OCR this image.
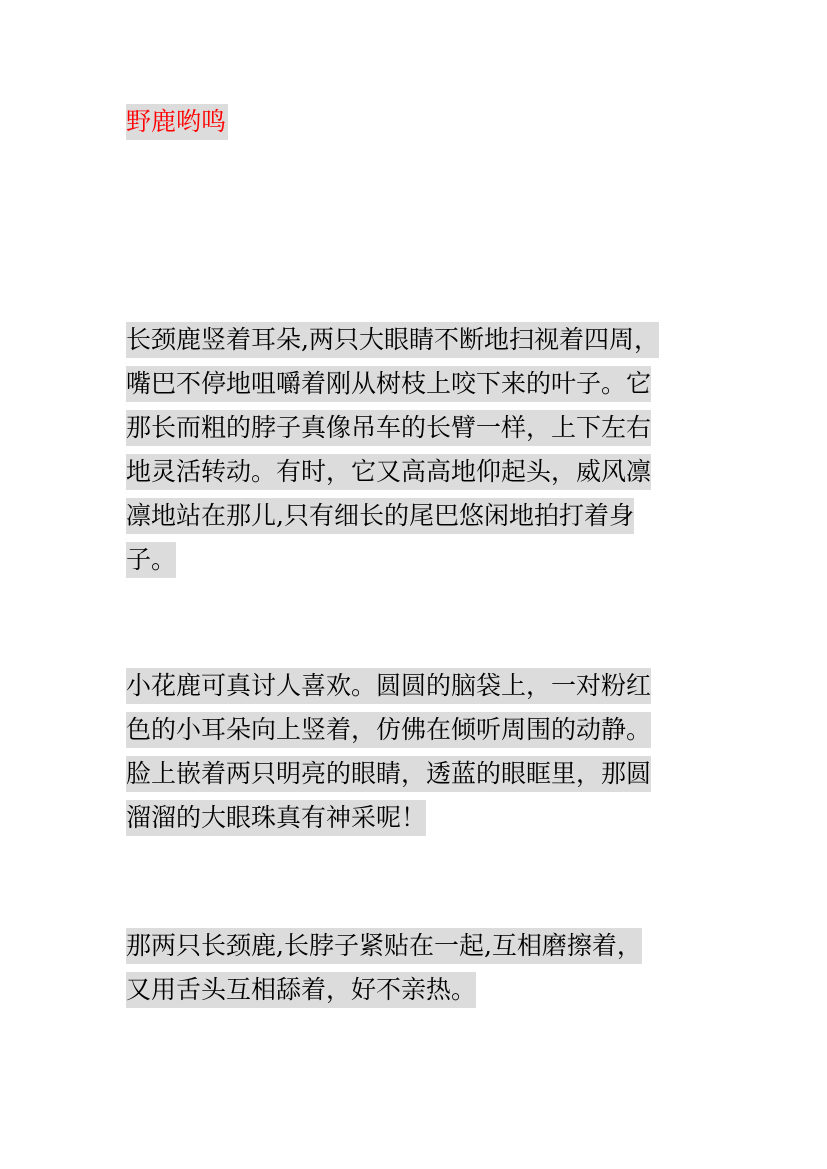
野鹿哟鸣
长颈鹿竖着耳朵,两只大眼睛不断地扫视着四周，
嘴巴不停地咀嚼着刚从树枝上咬下来的叶子。它
那长而粗的脖子真像吊车的长臂一样，上下左右
地灵活转动。有时，它又高高地仰起头，威风凛
凛地站在那儿,只有细长的尾巴悠闲地拍打着身
子。
小花鹿可真讨人喜欢。圆圆的脑袋上，一对粉红
色的小耳朵向上竖着，仿佛在倾听周围的动静。
脸上嵌着两只明亮的眼睛，透蓝的眼眶里，那圆
溜溜的大眼珠真有神采呢！
那两只长颈鹿,长脖子紧贴在一起,互相磨擦着，
又用舌头互相舔着，好不亲热。
